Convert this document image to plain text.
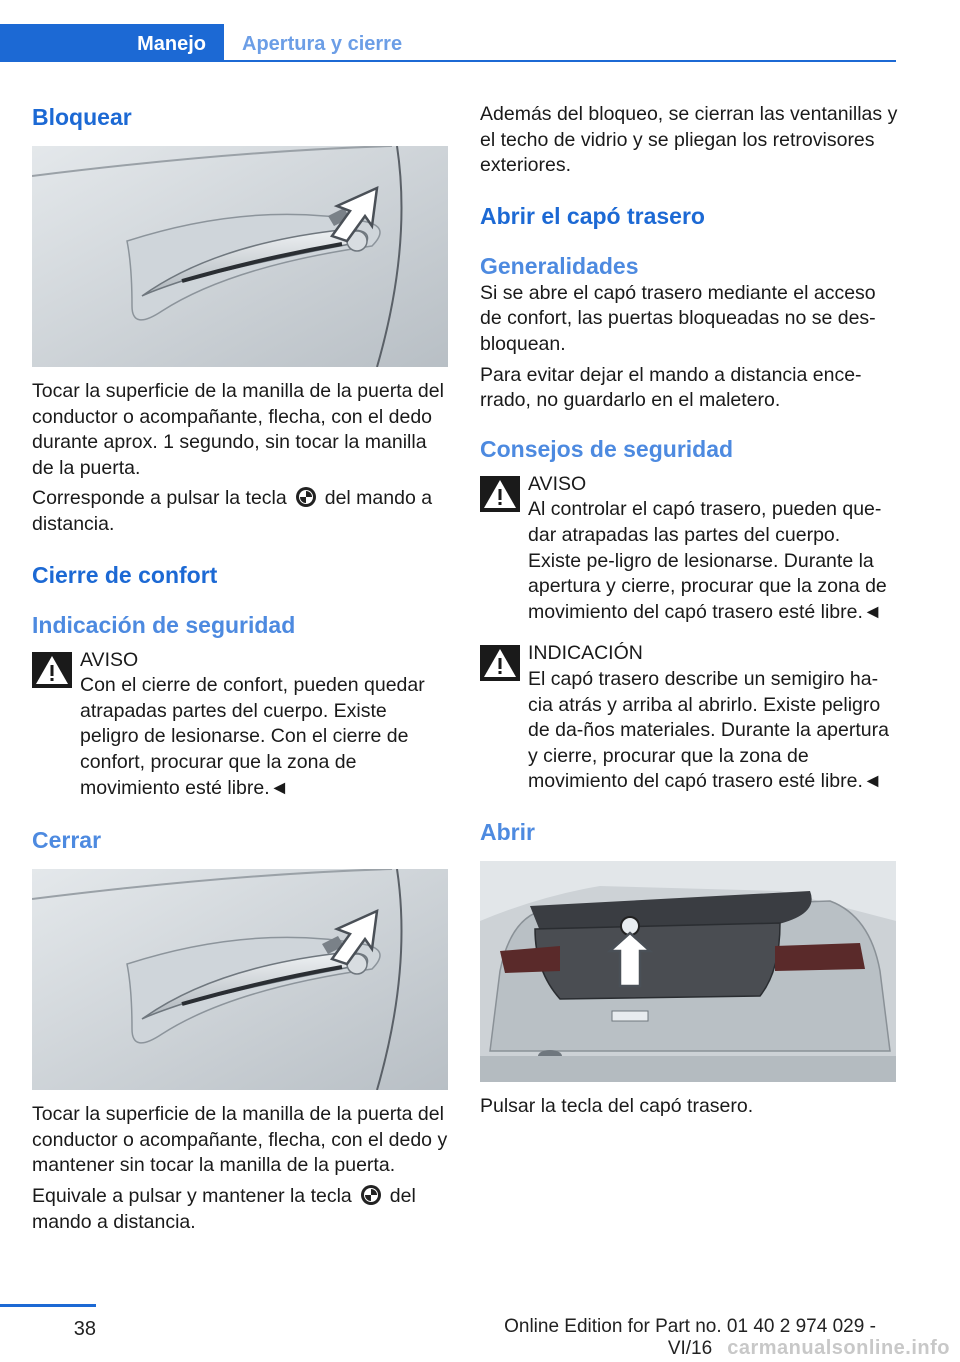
Manejo	Apertura y cierre
Bloquear

Tocar la superficie de la manilla de la puerta del conductor o acompañante, flecha, con el dedo durante aprox. 1 segundo, sin tocar la manilla de la puerta.

Corresponde a pulsar la tecla del mando a distancia.

Cierre de confort
Indicación de seguridad
AVISO

Con el cierre de confort, pueden quedar atrapadas partes del cuerpo. Existe peligro de lesionarse. Con el cierre de confort, procurar que la zona de movimiento esté libre.◄

Cerrar

Tocar la superficie de la manilla de la puerta del conductor o acompañante, flecha, con el dedo y mantener sin tocar la manilla de la puerta.

Equivale a pulsar y mantener la tecla del mando a distancia.

Además del bloqueo, se cierran las ventanillas y el techo de vidrio y se pliegan los retrovisores exteriores.

Abrir el capó trasero
Generalidades

Si se abre el capó trasero mediante el acceso de confort, las puertas bloqueadas no se des‐bloquean.

Para evitar dejar el mando a distancia ence‐rrado, no guardarlo en el maletero.

Consejos de seguridad
AVISO

Al controlar el capó trasero, pueden que‐dar atrapadas las partes del cuerpo. Existe pe‐ligro de lesionarse. Durante la apertura y cierre, procurar que la zona de movimiento del capó trasero esté libre.◄

INDICACIÓN

El capó trasero describe un semigiro ha‐cia atrás y arriba al abrirlo. Existe peligro de da‐ños materiales. Durante la apertura y cierre, procurar que la zona de movimiento del capó trasero esté libre.◄

Abrir

Pulsar la tecla del capó trasero.

38	Online Edition for Part no. 01 40 2 974 029 - VI/16 carmanualsonline.info
